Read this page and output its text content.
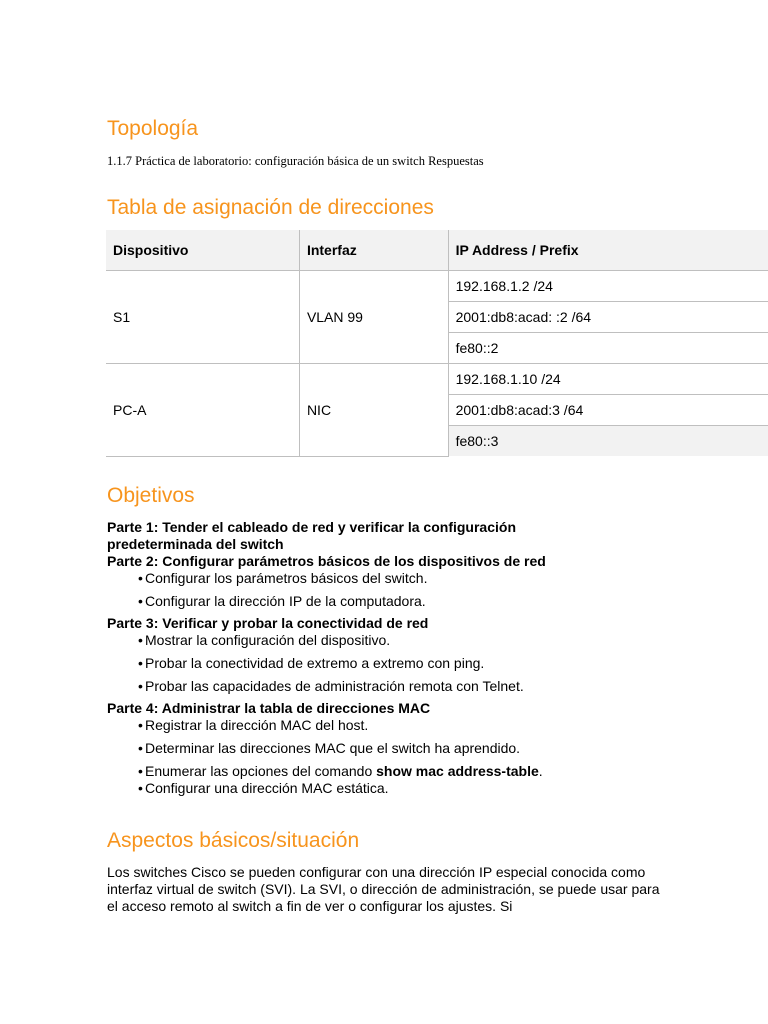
Topología
1.1.7 Práctica de laboratorio: configuración básica de un switch Respuestas
Tabla de asignación de direcciones
Dispositivo	Interfaz	IP Address / Prefix
S1	VLAN 99	192.168.1.2 /24
		2001:db8:acad: :2 /64
		fe80::2
PC-A	NIC	192.168.1.10 /24
		2001:db8:acad:3 /64
		fe80::3
Objetivos

Parte 1: Tender el cableado de red y verificar la configuración predeterminada del switch

Parte 2: Configurar parámetros básicos de los dispositivos de red

• Configurar los parámetros básicos del switch.
• Configurar la dirección IP de la computadora.

Parte 3: Verificar y probar la conectividad de red

• Mostrar la configuración del dispositivo.
• Probar la conectividad de extremo a extremo con ping.
• Probar las capacidades de administración remota con Telnet.

Parte 4: Administrar la tabla de direcciones MAC

• Registrar la dirección MAC del host.
• Determinar las direcciones MAC que el switch ha aprendido.
• Enumerar las opciones del comando show mac address-table.
• Configurar una dirección MAC estática.
Aspectos básicos/situación

Los switches Cisco se pueden configurar con una dirección IP especial conocida como interfaz virtual de switch (SVI). La SVI, o dirección de administración, se puede usar para el acceso remoto al switch a fin de ver o configurar los ajustes. Si
